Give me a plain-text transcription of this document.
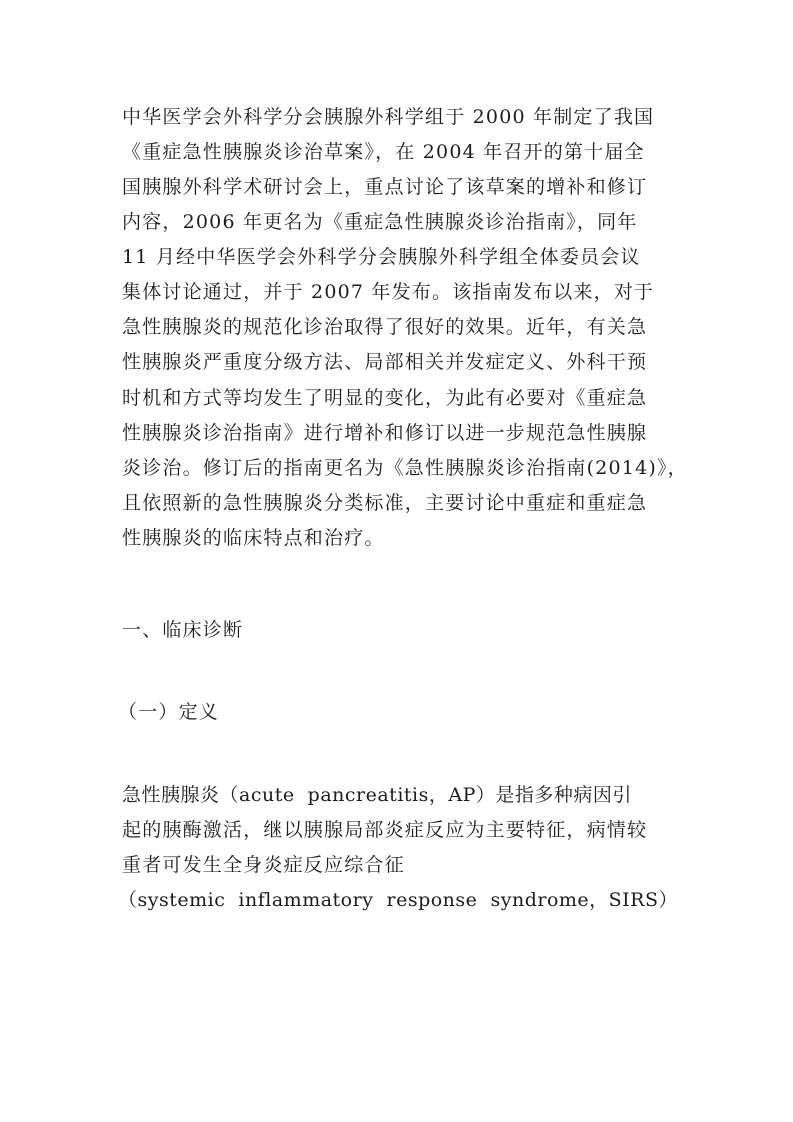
中华医学会外科学分会胰腺外科学组于 2000 年制定了我国
《重症急性胰腺炎诊治草案》，在 2004 年召开的第十届全
国胰腺外科学术研讨会上，重点讨论了该草案的增补和修订
内容，2006 年更名为《重症急性胰腺炎诊治指南》，同年
11 月经中华医学会外科学分会胰腺外科学组全体委员会议
集体讨论通过，并于 2007 年发布。该指南发布以来，对于
急性胰腺炎的规范化诊治取得了很好的效果。近年，有关急
性胰腺炎严重度分级方法、局部相关并发症定义、外科干预
时机和方式等均发生了明显的变化，为此有必要对《重症急
性胰腺炎诊治指南》进行增补和修订以进一步规范急性胰腺
炎诊治。修订后的指南更名为《急性胰腺炎诊治指南(2014)》，
且依照新的急性胰腺炎分类标准，主要讨论中重症和重症急
性胰腺炎的临床特点和治疗。
一、临床诊断
（一）定义
急性胰腺炎（acute  pancreatitis，AP）是指多种病因引
起的胰酶激活，继以胰腺局部炎症反应为主要特征，病情较
重者可发生全身炎症反应综合征
（systemic  inflammatory  response  syndrome，SIRS）
